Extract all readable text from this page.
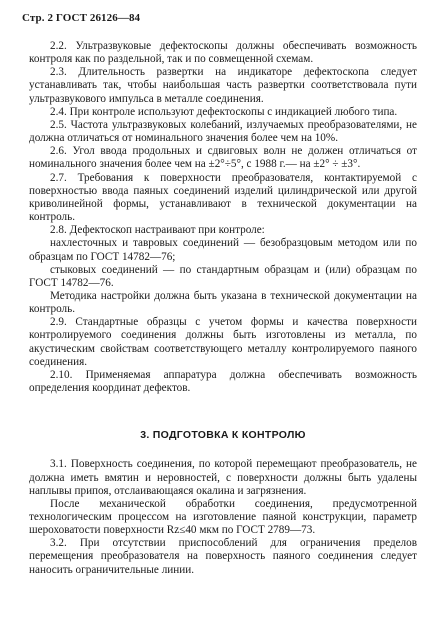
Стр. 2 ГОСТ 26126—84

2.2. Ультразвуковые дефектоскопы должны обеспечивать возможность контроля как по раздельной, так и по совмещенной схемам.

2.3. Длительность развертки на индикаторе дефектоскопа следует устанавливать так, чтобы наибольшая часть развертки соответствовала пути ультразвукового импульса в металле соединения.

2.4. При контроле используют дефектоскопы с индикацией любого типа.

2.5. Частота ультразвуковых колебаний, излучаемых преобразователями, не должна отличаться от номинального значения более чем на 10%.

2.6. Угол ввода продольных и сдвиговых волн не должен отличаться от номинального значения более чем на ±2°÷5°, с 1988 г.— на ±2° ÷ ±3°.

2.7. Требования к поверхности преобразователя, контактируемой с поверхностью ввода паяных соединений изделий цилиндрической или другой криволинейной формы, устанавливают в технической документации на контроль.

2.8. Дефектоскоп настраивают при контроле:

нахлесточных и тавровых соединений — безобразцовым методом или по образцам по ГОСТ 14782—76;

стыковых соединений — по стандартным образцам и (или) образцам по ГОСТ 14782—76.

Методика настройки должна быть указана в технической документации на контроль.

2.9. Стандартные образцы с учетом формы и качества поверхности контролируемого соединения должны быть изготовлены из металла, по акустическим свойствам соответствующего металлу контролируемого паяного соединения.

2.10. Применяемая аппаратура должна обеспечивать возможность определения координат дефектов.

3. ПОДГОТОВКА К КОНТРОЛЮ

3.1. Поверхность соединения, по которой перемещают преобразователь, не должна иметь вмятин и неровностей, с поверхности должны быть удалены наплывы припоя, отслаивающаяся окалина и загрязнения.

После механической обработки соединения, предусмотренной технологическим процессом на изготовление паяной конструкции, параметр шероховатости поверхности Rz≤40 мкм по ГОСТ 2789—73.

3.2. При отсутствии приспособлений для ограничения пределов перемещения преобразователя на поверхность паяного соединения следует наносить ограничительные линии.
